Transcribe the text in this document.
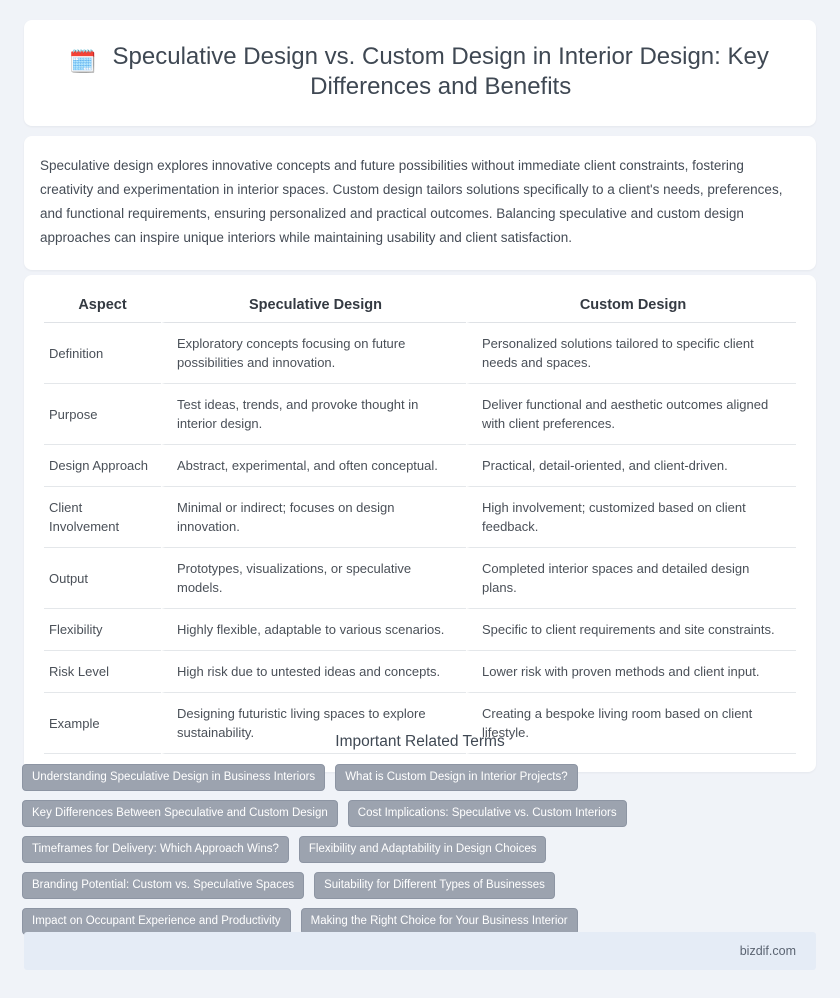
🗓️ Speculative Design vs. Custom Design in Interior Design: Key Differences and Benefits

Speculative design explores innovative concepts and future possibilities without immediate client constraints, fostering creativity and experimentation in interior spaces. Custom design tailors solutions specifically to a client's needs, preferences, and functional requirements, ensuring personalized and practical outcomes. Balancing speculative and custom design approaches can inspire unique interiors while maintaining usability and client satisfaction.

Aspect	Speculative Design	Custom Design
Definition	Exploratory concepts focusing on future possibilities and innovation.	Personalized solutions tailored to specific client needs and spaces.
Purpose	Test ideas, trends, and provoke thought in interior design.	Deliver functional and aesthetic outcomes aligned with client preferences.
Design Approach	Abstract, experimental, and often conceptual.	Practical, detail-oriented, and client-driven.
Client Involvement	Minimal or indirect; focuses on design innovation.	High involvement; customized based on client feedback.
Output	Prototypes, visualizations, or speculative models.	Completed interior spaces and detailed design plans.
Flexibility	Highly flexible, adaptable to various scenarios.	Specific to client requirements and site constraints.
Risk Level	High risk due to untested ideas and concepts.	Lower risk with proven methods and client input.
Example	Designing futuristic living spaces to explore sustainability.	Creating a bespoke living room based on client lifestyle.
Important Related Terms
Understanding Speculative Design in Business Interiors	What is Custom Design in Interior Projects?
Key Differences Between Speculative and Custom Design	Cost Implications: Speculative vs. Custom Interiors
Timeframes for Delivery: Which Approach Wins?	Flexibility and Adaptability in Design Choices
Branding Potential: Custom vs. Speculative Spaces	Suitability for Different Types of Businesses
Impact on Occupant Experience and Productivity	Making the Right Choice for Your Business Interior
bizdif.com
